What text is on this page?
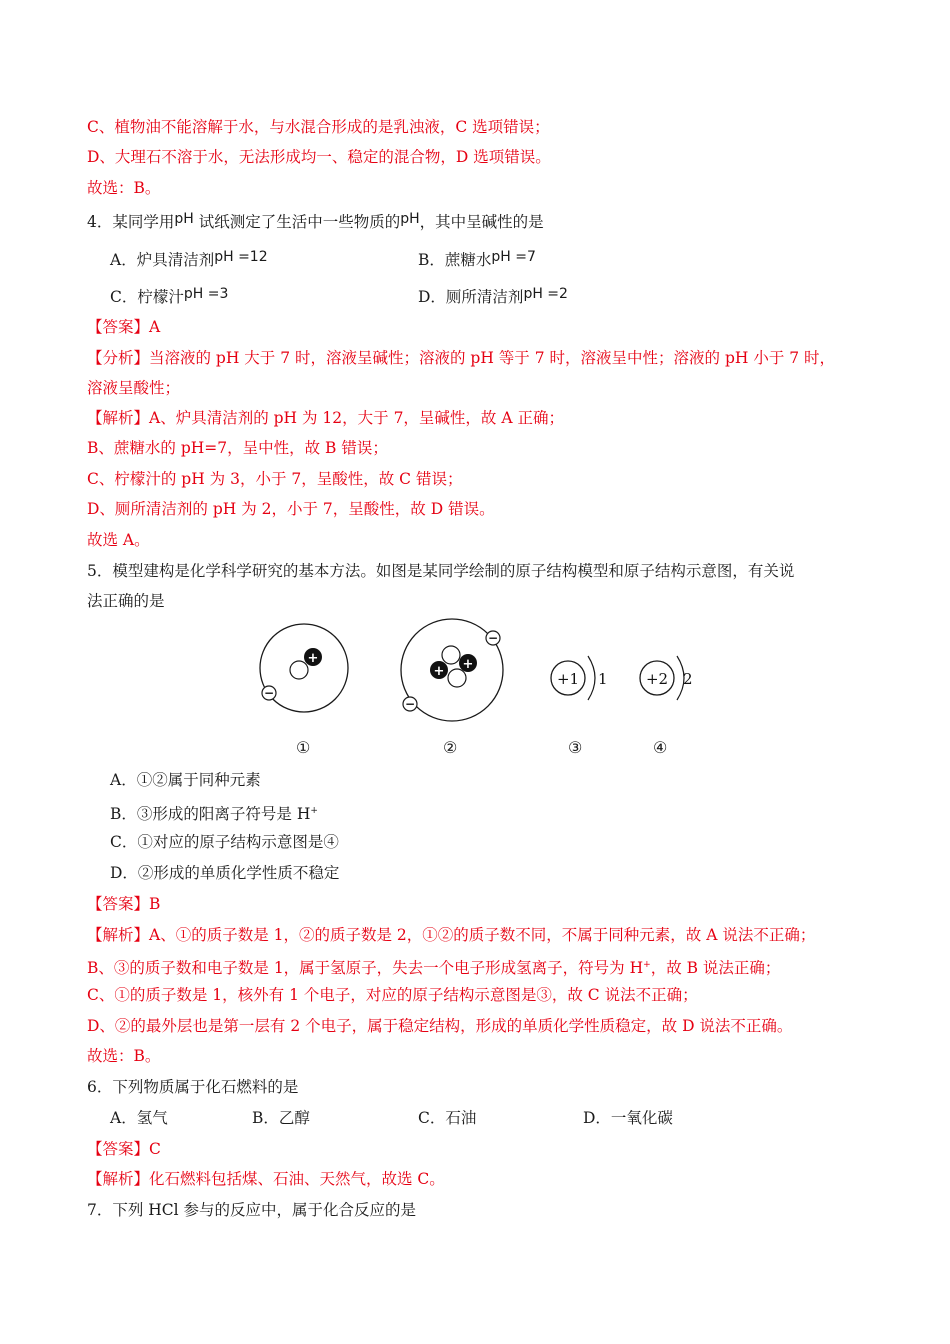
C、植物油不能溶解于水，与水混合形成的是乳浊液，C 选项错误；
D、大理石不溶于水，无法形成均一、稳定的混合物，D 选项错误。
故选：B。
4．某同学用pH 试纸测定了生活中一些物质的pH，其中呈碱性的是
A．炉具清洁剂pH =12	B．蔗糖水pH =7
C．柠檬汁pH =3	D．厕所清洁剂pH =2
【答案】A
【分析】当溶液的 pH 大于 7 时，溶液呈碱性；溶液的 pH 等于 7 时，溶液呈中性；溶液的 pH 小于 7 时，
溶液呈酸性；
【解析】A、炉具清洁剂的 pH 为 12，大于 7，呈碱性，故 A 正确；
B、蔗糖水的 pH=7，呈中性，故 B 错误；
C、柠檬汁的 pH 为 3，小于 7，呈酸性，故 C 错误；
D、厕所清洁剂的 pH 为 2，小于 7，呈酸性，故 D 错误。
故选 A。
5．模型建构是化学科学研究的基本方法。如图是某同学绘制的原子结构模型和原子结构示意图，有关说
法正确的是
+
−
+
+
−
−
+1 1	+2 2
①	②	③	④
A．①②属于同种元素
B．③形成的阳离子符号是 H+
C．①对应的原子结构示意图是④
D．②形成的单质化学性质不稳定
【答案】B
【解析】A、①的质子数是 1，②的质子数是 2，①②的质子数不同，不属于同种元素，故 A 说法不正确；
B、③的质子数和电子数是 1，属于氢原子，失去一个电子形成氢离子，符号为 H+，故 B 说法正确；
C、①的质子数是 1，核外有 1 个电子，对应的原子结构示意图是③，故 C 说法不正确；
D、②的最外层也是第一层有 2 个电子，属于稳定结构，形成的单质化学性质稳定，故 D 说法不正确。
故选：B。
6．下列物质属于化石燃料的是
A．氢气	B．乙醇	C．石油	D．一氧化碳
【答案】C
【解析】化石燃料包括煤、石油、天然气，故选 C。
7．下列 HCl 参与的反应中，属于化合反应的是
